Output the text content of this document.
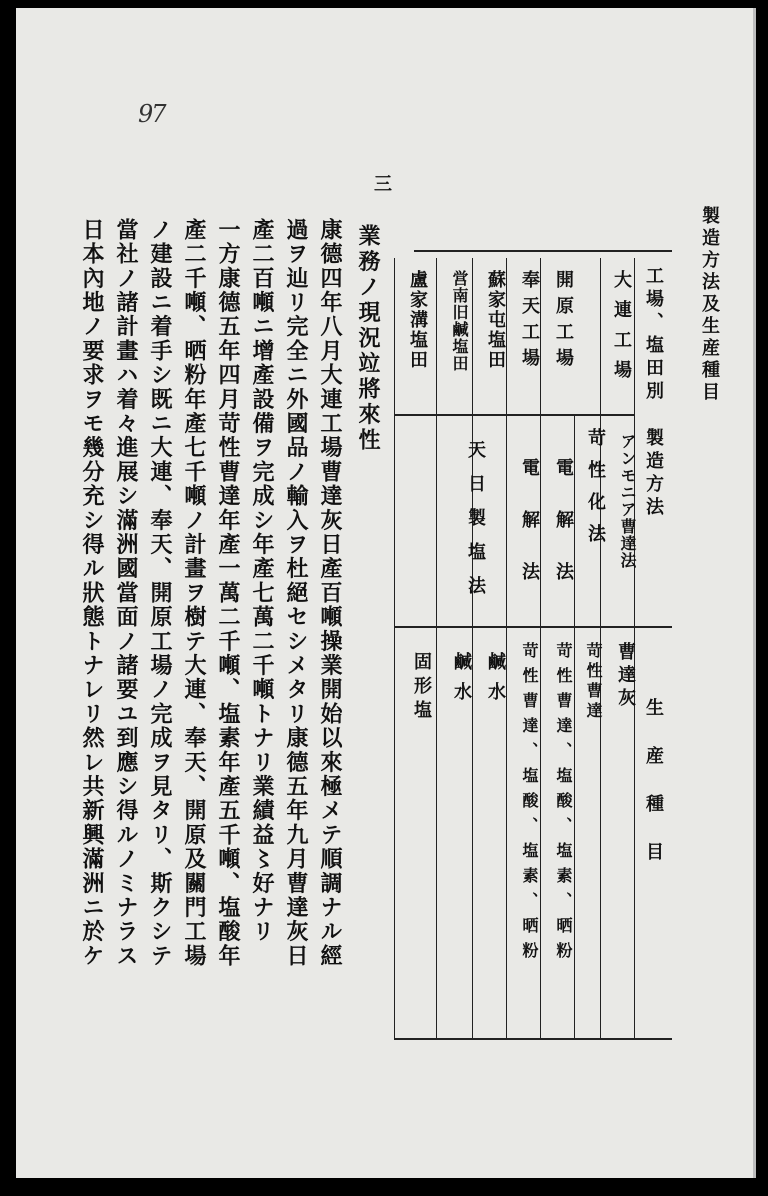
97
製造方法及生産種目
工場、塩田別
製造方法
生産種目
大連工場
アンモニア曹達法
曹達灰
苛性化法
苛性曹達
開原工場
電解法
苛性曹達、塩酸、塩素、晒粉
奉天工場
電解法
苛性曹達、塩酸、塩素、晒粉
蘇家屯塩田
天日製塩法
鹹水
営南旧鹹塩田
鹹水
盧家溝塩田
固形塩
三
業務ノ現況竝將來性
康德四年八月大連工場曹達灰日產百噸操業開始以來極メテ順調ナル經
過ヲ辿リ完全ニ外國品ノ輸入ヲ杜絕セシメタリ康德五年九月曹達灰日
產二百噸ニ增產設備ヲ完成シ年產七萬二千噸トナリ業績益〻好ナリ
一方康德五年四月苛性曹達年產一萬二千噸、塩素年產五千噸、塩酸年
產二千噸、晒粉年產七千噸ノ計畫ヲ樹テ大連、奉天、開原及關門工場
ノ建設ニ着手シ既ニ大連、奉天、開原工場ノ完成ヲ見タリ、斯クシテ
當社ノ諸計畫ハ着々進展シ滿洲國當面ノ諸要ユ到應シ得ルノミナラス
日本內地ノ要求ヲモ幾分充シ得ル狀態トナレリ然レ共新興滿洲ニ於ケ
